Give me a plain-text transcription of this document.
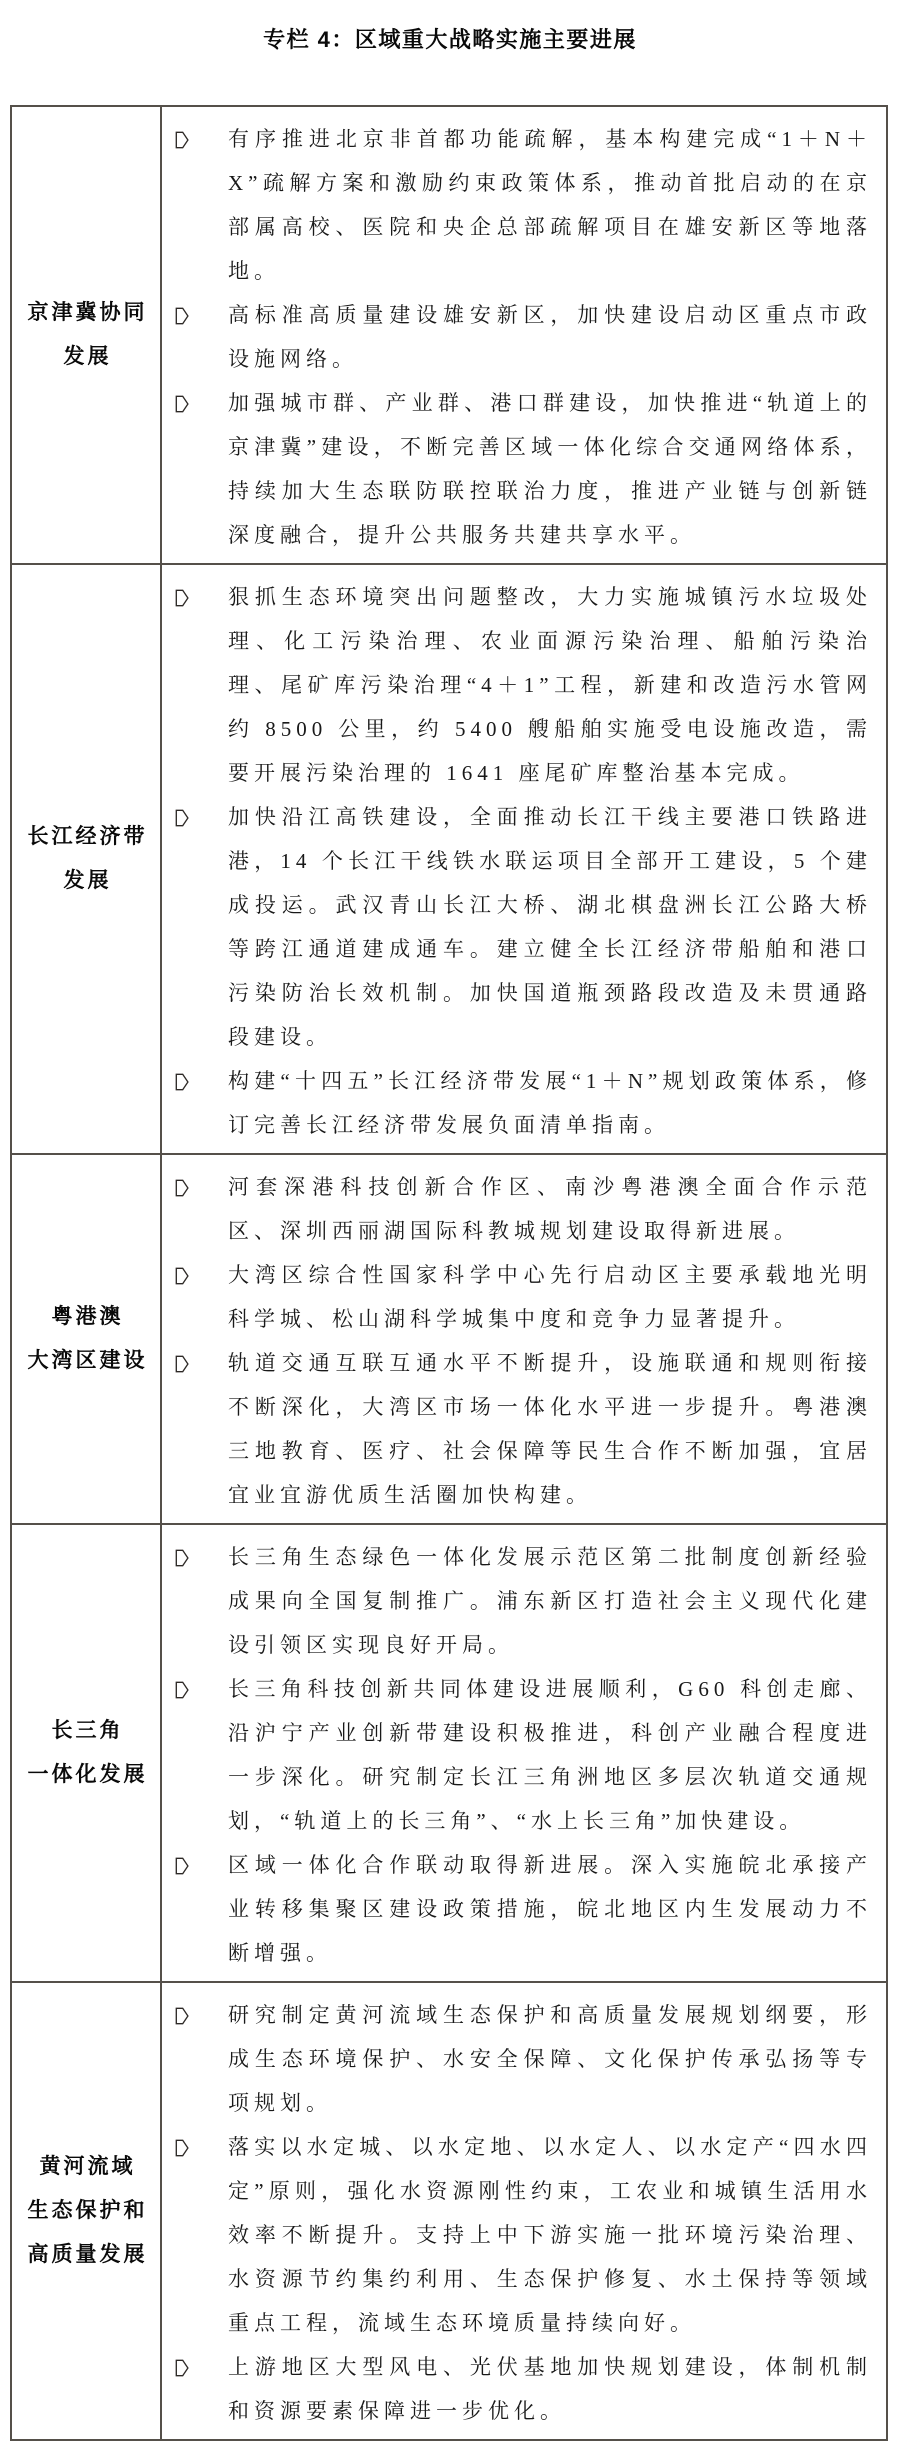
专栏 4：区域重大战略实施主要进展
京津冀协同
发展

有序推进北京非首都功能疏解，基本构建完成“1＋N＋X”疏解方案和激励约束政策体系，推动首批启动的在京部属高校、医院和央企总部疏解项目在雄安新区等地落地。

高标准高质量建设雄安新区，加快建设启动区重点市政设施网络。

加强城市群、产业群、港口群建设，加快推进“轨道上的京津冀”建设，不断完善区域一体化综合交通网络体系，持续加大生态联防联控联治力度，推进产业链与创新链深度融合，提升公共服务共建共享水平。

长江经济带
发展

狠抓生态环境突出问题整改，大力实施城镇污水垃圾处理、化工污染治理、农业面源污染治理、船舶污染治理、尾矿库污染治理“4＋1”工程，新建和改造污水管网约 8500 公里，约 5400 艘船舶实施受电设施改造，需要开展污染治理的 1641 座尾矿库整治基本完成。

加快沿江高铁建设，全面推动长江干线主要港口铁路进港，14 个长江干线铁水联运项目全部开工建设，5 个建成投运。武汉青山长江大桥、湖北棋盘洲长江公路大桥等跨江通道建成通车。建立健全长江经济带船舶和港口污染防治长效机制。加快国道瓶颈路段改造及未贯通路段建设。

构建“十四五”长江经济带发展“1＋N”规划政策体系，修订完善长江经济带发展负面清单指南。

粤港澳
大湾区建设

河套深港科技创新合作区、南沙粤港澳全面合作示范区、深圳西丽湖国际科教城规划建设取得新进展。

大湾区综合性国家科学中心先行启动区主要承载地光明科学城、松山湖科学城集中度和竞争力显著提升。

轨道交通互联互通水平不断提升，设施联通和规则衔接不断深化，大湾区市场一体化水平进一步提升。粤港澳三地教育、医疗、社会保障等民生合作不断加强，宜居宜业宜游优质生活圈加快构建。

长三角
一体化发展

长三角生态绿色一体化发展示范区第二批制度创新经验成果向全国复制推广。浦东新区打造社会主义现代化建设引领区实现良好开局。

长三角科技创新共同体建设进展顺利，G60 科创走廊、沿沪宁产业创新带建设积极推进，科创产业融合程度进一步深化。研究制定长江三角洲地区多层次轨道交通规划，“轨道上的长三角”、“水上长三角”加快建设。

区域一体化合作联动取得新进展。深入实施皖北承接产业转移集聚区建设政策措施，皖北地区内生发展动力不断增强。

黄河流域
生态保护和
高质量发展

研究制定黄河流域生态保护和高质量发展规划纲要，形成生态环境保护、水安全保障、文化保护传承弘扬等专项规划。

落实以水定城、以水定地、以水定人、以水定产“四水四定”原则，强化水资源刚性约束，工农业和城镇生活用水效率不断提升。支持上中下游实施一批环境污染治理、水资源节约集约利用、生态保护修复、水土保持等领域重点工程，流域生态环境质量持续向好。

上游地区大型风电、光伏基地加快规划建设，体制机制和资源要素保障进一步优化。
